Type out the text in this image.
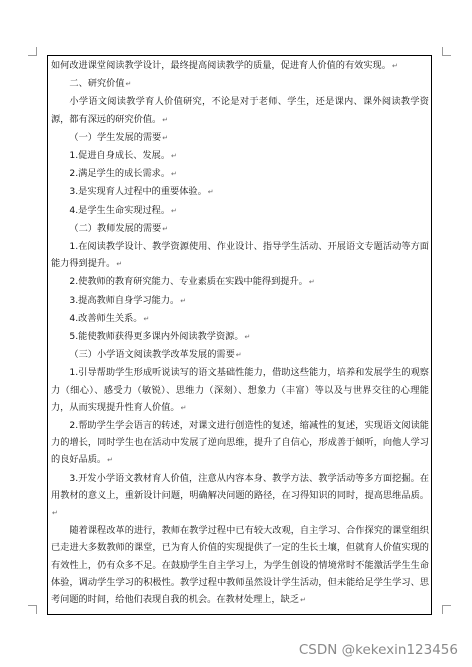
如何改进课堂阅读教学设计，最终提高阅读教学的质量，促进育人价值的有效实现。↵

二、研究价值↵

小学语文阅读教学育人价值研究，不论是对于老师、学生，还是课内、课外阅读教学资源，都有深远的研究价值。↵

（一）学生发展的需要↵

1.促进自身成长、发展。↵

2.满足学生的成长需求。↵

3.是实现育人过程中的重要体验。↵

4.是学生生命实现过程。↵

（二）教师发展的需要↵

1.在阅读教学设计、教学资源使用、作业设计、指导学生活动、开展语文专题活动等方面能力得到提升。↵

2.使教师的教育研究能力、专业素质在实践中能得到提升。↵

3.提高教师自身学习能力。↵

4.改善师生关系。↵

5.能使教师获得更多课内外阅读教学资源。↵

（三）小学语文阅读教学改革发展的需要↵

1.引导帮助学生形成听说读写的语文基础性能力，借助这些能力，培养和发展学生的观察力（细心）、感受力（敏锐）、思维力（深刻）、想象力（丰富）等以及与世界交往的心理能力，从而实现提升性育人价值。↵

2.帮助学生学会语言的转述，对课文进行创造性的复述，缩减性的复述，实现语文阅读能力的增长，同时学生也在活动中发展了逆向思维，提升了自信心，形成善于倾听，向他人学习的良好品质。↵

3.开发小学语文教材育人价值，注意从内容本身、教学方法、教学活动等多方面挖掘。在用教材的意义上，重新设计问题，明确解决问题的路径，在习得知识的同时，提高思维品质。↵

随着课程改革的进行，教师在教学过程中已有较大改观，自主学习、合作探究的课堂组织已走进大多数教师的课堂，已为育人价值的实现提供了一定的生长土壤，但就育人价值实现的有效性上，仍有众多不足。在鼓励学生自主学习上，为学生创设的情境常时不能激活学生生命体验，调动学生学习的积极性。教学过程中教师虽然设计学生活动，但未能给足学生学习、思考问题的时间，给他们表现自我的机会。在教材处理上，缺乏↵

CSDN @kekexin123456
